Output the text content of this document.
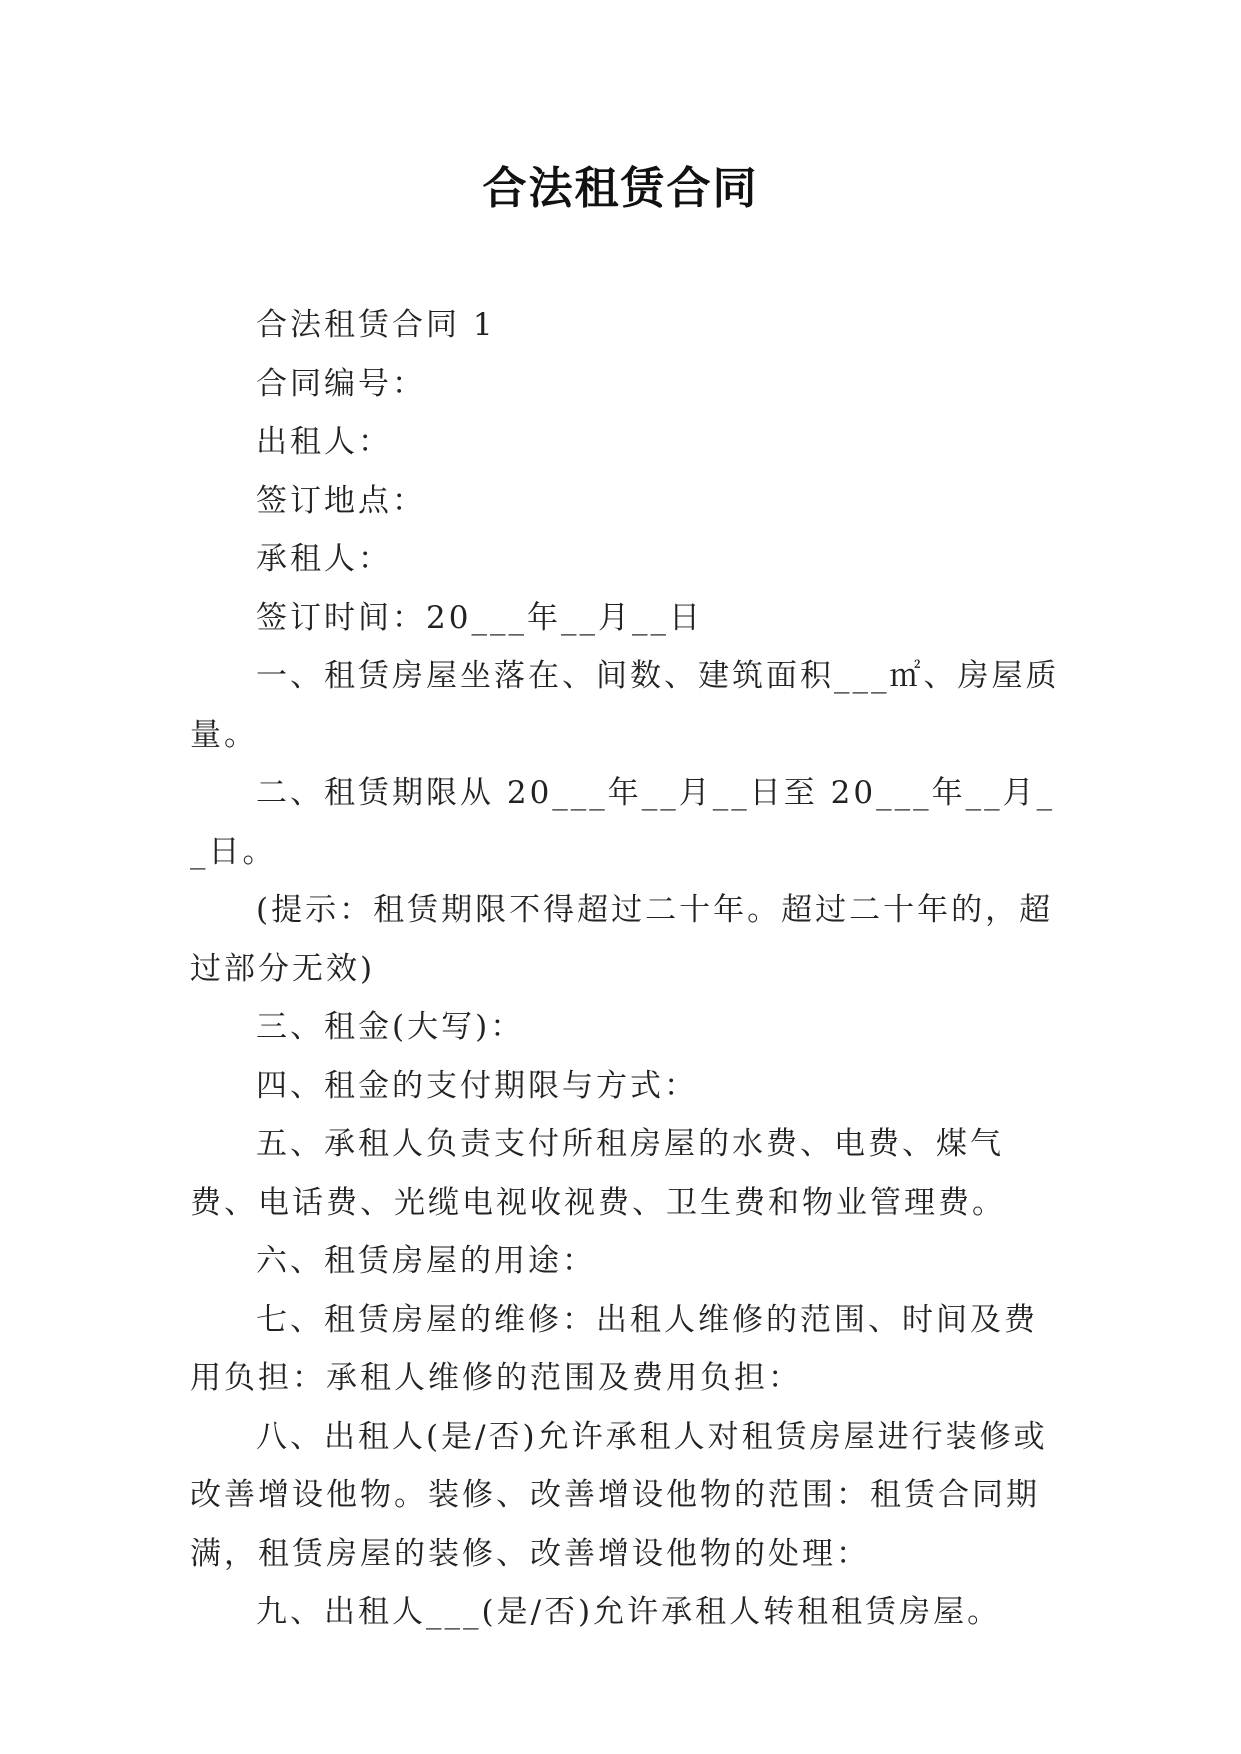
合法租赁合同

合法租赁合同 1

合同编号：

出租人：

签订地点：

承租人：

签订时间：20___年__月__日

一、租赁房屋坐落在、间数、建筑面积___㎡、房屋质量。

二、租赁期限从 20___年__月__日至 20___年__月__日。

(提示：租赁期限不得超过二十年。超过二十年的，超过部分无效)

三、租金(大写)：

四、租金的支付期限与方式：

五、承租人负责支付所租房屋的水费、电费、煤气费、电话费、光缆电视收视费、卫生费和物业管理费。

六、租赁房屋的用途：

七、租赁房屋的维修：出租人维修的范围、时间及费用负担：承租人维修的范围及费用负担：

八、出租人(是/否)允许承租人对租赁房屋进行装修或改善增设他物。装修、改善增设他物的范围：租赁合同期满，租赁房屋的装修、改善增设他物的处理：

九、出租人___(是/否)允许承租人转租租赁房屋。
